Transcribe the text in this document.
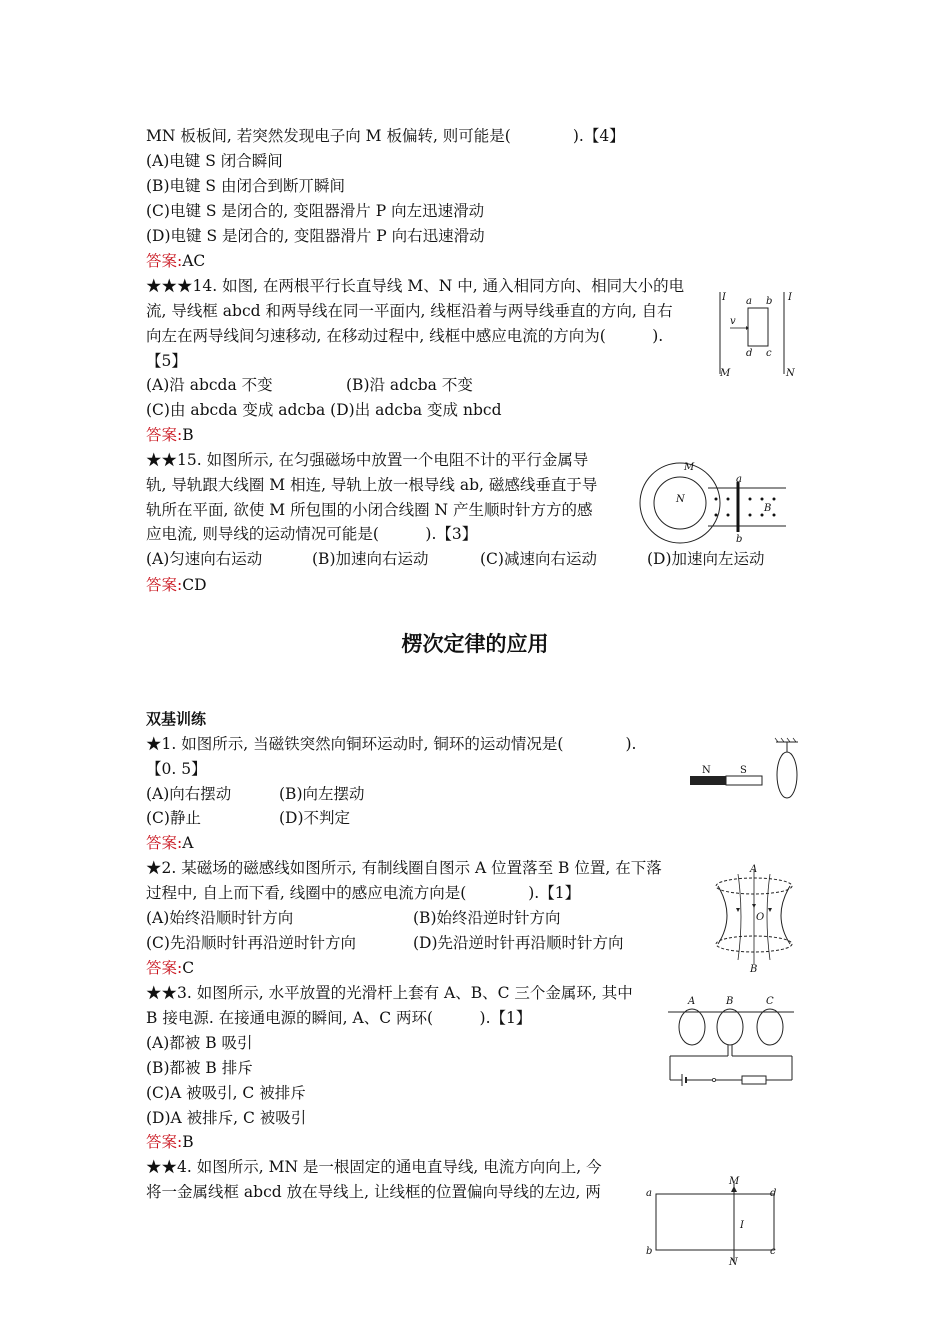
MN 板板间, 若突然发现电子向 M 板偏转, 则可能是(　　　　).【4】
(A)电键 S 闭合瞬间
(B)电键 S 由闭合到断丌瞬间
(C)电键 S 是闭合的, 变阻器滑片 P 向左迅速滑动
(D)电键 S 是闭合的, 变阻器滑片 P 向右迅速滑动
答案:AC
★★★14. 如图, 在两根平行长直导线 M、N 中, 通入相同方向、相同大小的电
流, 导线框 abcd 和两导线在同一平面内, 线框沿着与两导线垂直的方向, 自右
向左在两导线间匀速移动, 在移动过程中, 线框中感应电流的方向为(　　　).
【5】
(A)沿 abcda 不变	(B)沿 adcba 不变
(C)由 abcda 变成 adcba (D)出 adcba 变成 nbcd
答案:B
I	I
a b
c
d
v
M	N
★★15. 如图所示, 在匀强磁场中放置一个电阻不计的平行金属导
轨, 导轨跟大线圈 M 相连, 导轨上放一根导线 ab, 磁感线垂直于导
轨所在平面, 欲使 M 所包围的小闭合线圈 N 产生顺时针方方的感
应电流, 则导线的运动情况可能是(　　　).【3】
(A)匀速向右运动	(B)加速向右运动	(C)减速向右运动	(D)加速向左运动
答案:CD
M
N
a
b
B
楞次定律的应用
双基训练
★1. 如图所示, 当磁铁突然向铜环运动时, 铜环的运动情况是(　　　　).
【0. 5】
(A)向右摆动	(B)向左摆动
(C)静止	(D)不判定
答案:A
N	S
★2. 某磁场的磁感线如图所示, 有制线圈自图示 A 位置落至 B 位置, 在下落
过程中, 自上而下看, 线圈中的感应电流方向是(　　　　).【1】
(A)始终沿顺时针方向	(B)始终沿逆时针方向
(C)先沿顺时针再沿逆时针方向	(D)先沿逆时针再沿顺时针方向
答案:C
A
B
O
★★3. 如图所示, 水平放置的光滑杆上套有 A、B、C 三个金属环, 其中
B 接电源. 在接通电源的瞬间, A、C 两环(　　　).【1】
(A)都被 B 吸引
(B)都被 B 排斥
(C)A 被吸引, C 被排斥
(D)A 被排斥, C 被吸引
答案:B
A	B	C
★★4. 如图所示, MN 是一根固定的通电直导线, 电流方向向上, 今
将一金属线框 abcd 放在导线上, 让线框的位置偏向导线的左边, 两
M
N
a
b	c
d
I
